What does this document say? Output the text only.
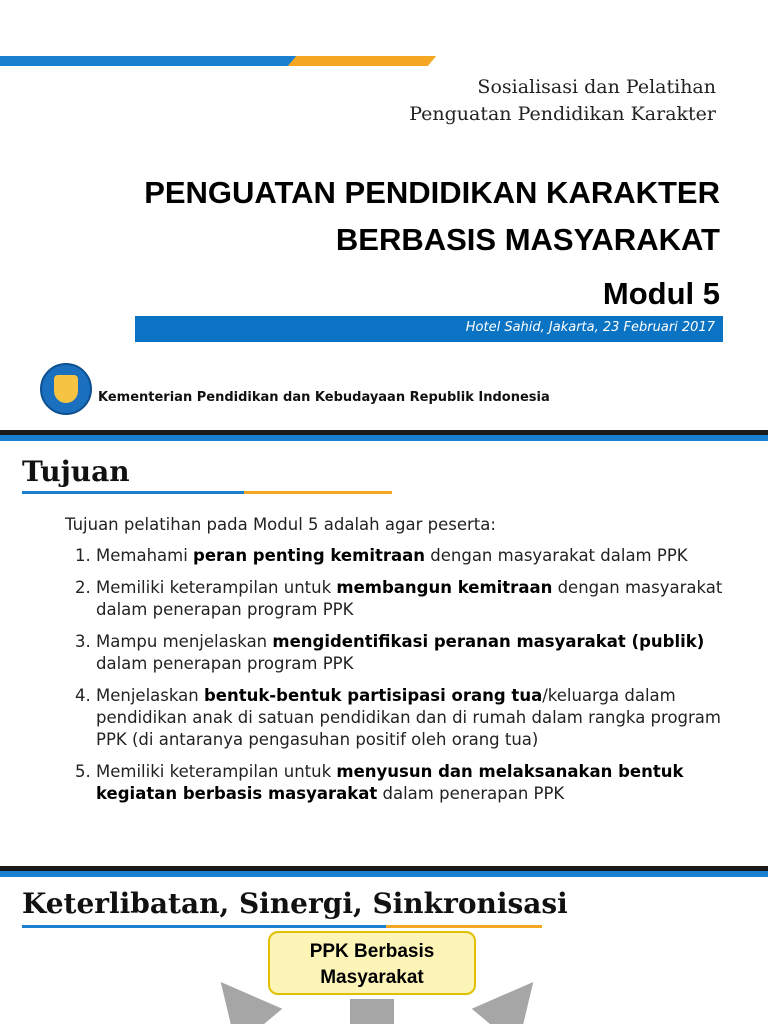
Sosialisasi dan Pelatihan
Penguatan Pendidikan Karakter
PENGUATAN PENDIDIKAN KARAKTER
BERBASIS MASYARAKAT
Modul 5
Hotel Sahid, Jakarta, 23 Februari 2017
Kementerian Pendidikan dan Kebudayaan Republik Indonesia
Tujuan
Tujuan pelatihan pada Modul 5 adalah agar peserta:
1. Memahami peran penting kemitraan dengan masyarakat dalam PPK
2. Memiliki keterampilan untuk membangun kemitraan dengan masyarakat dalam penerapan program PPK
3. Mampu menjelaskan mengidentifikasi peranan masyarakat (publik) dalam penerapan program PPK
4. Menjelaskan bentuk-bentuk partisipasi orang tua/keluarga dalam pendidikan anak di satuan pendidikan dan di rumah dalam rangka program PPK (di antaranya pengasuhan positif oleh orang tua)
5. Memiliki keterampilan untuk menyusun dan melaksanakan bentuk kegiatan berbasis masyarakat dalam penerapan PPK
Keterlibatan, Sinergi, Sinkronisasi
PPK Berbasis
Masyarakat
